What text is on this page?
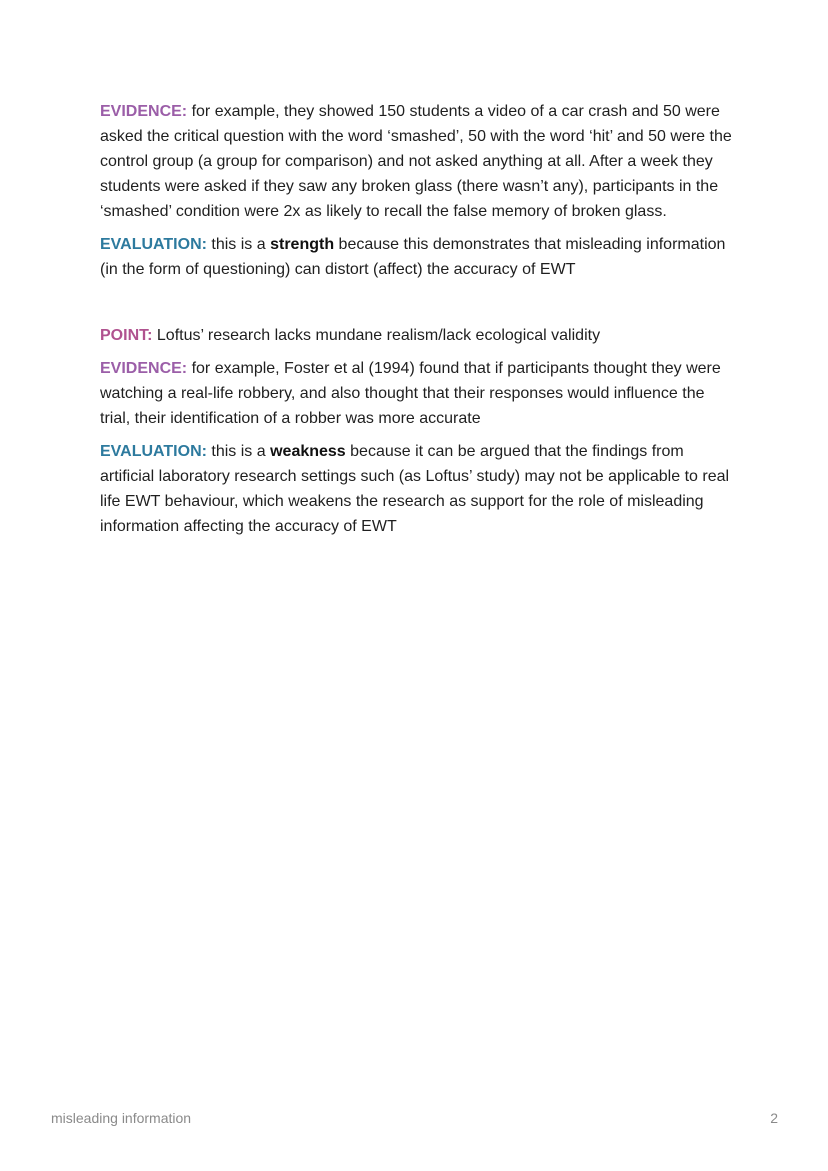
EVIDENCE: for example, they showed 150 students a video of a car crash and 50 were asked the critical question with the word ‘smashed’, 50 with the word ‘hit’ and 50 were the control group (a group for comparison) and not asked anything at all. After a week they students were asked if they saw any broken glass (there wasn’t any), participants in the ‘smashed’ condition were 2x as likely to recall the false memory of broken glass.

EVALUATION: this is a strength because this demonstrates that misleading information (in the form of questioning) can distort (affect) the accuracy of EWT

POINT: Loftus’ research lacks mundane realism/lack ecological validity

EVIDENCE: for example, Foster et al (1994) found that if participants thought they were watching a real-life robbery, and also thought that their responses would influence the trial, their identification of a robber was more accurate

EVALUATION: this is a weakness because it can be argued that the findings from artificial laboratory research settings such (as Loftus’ study) may not be applicable to real life EWT behaviour, which weakens the research as support for the role of misleading information affecting the accuracy of EWT

misleading information	2
